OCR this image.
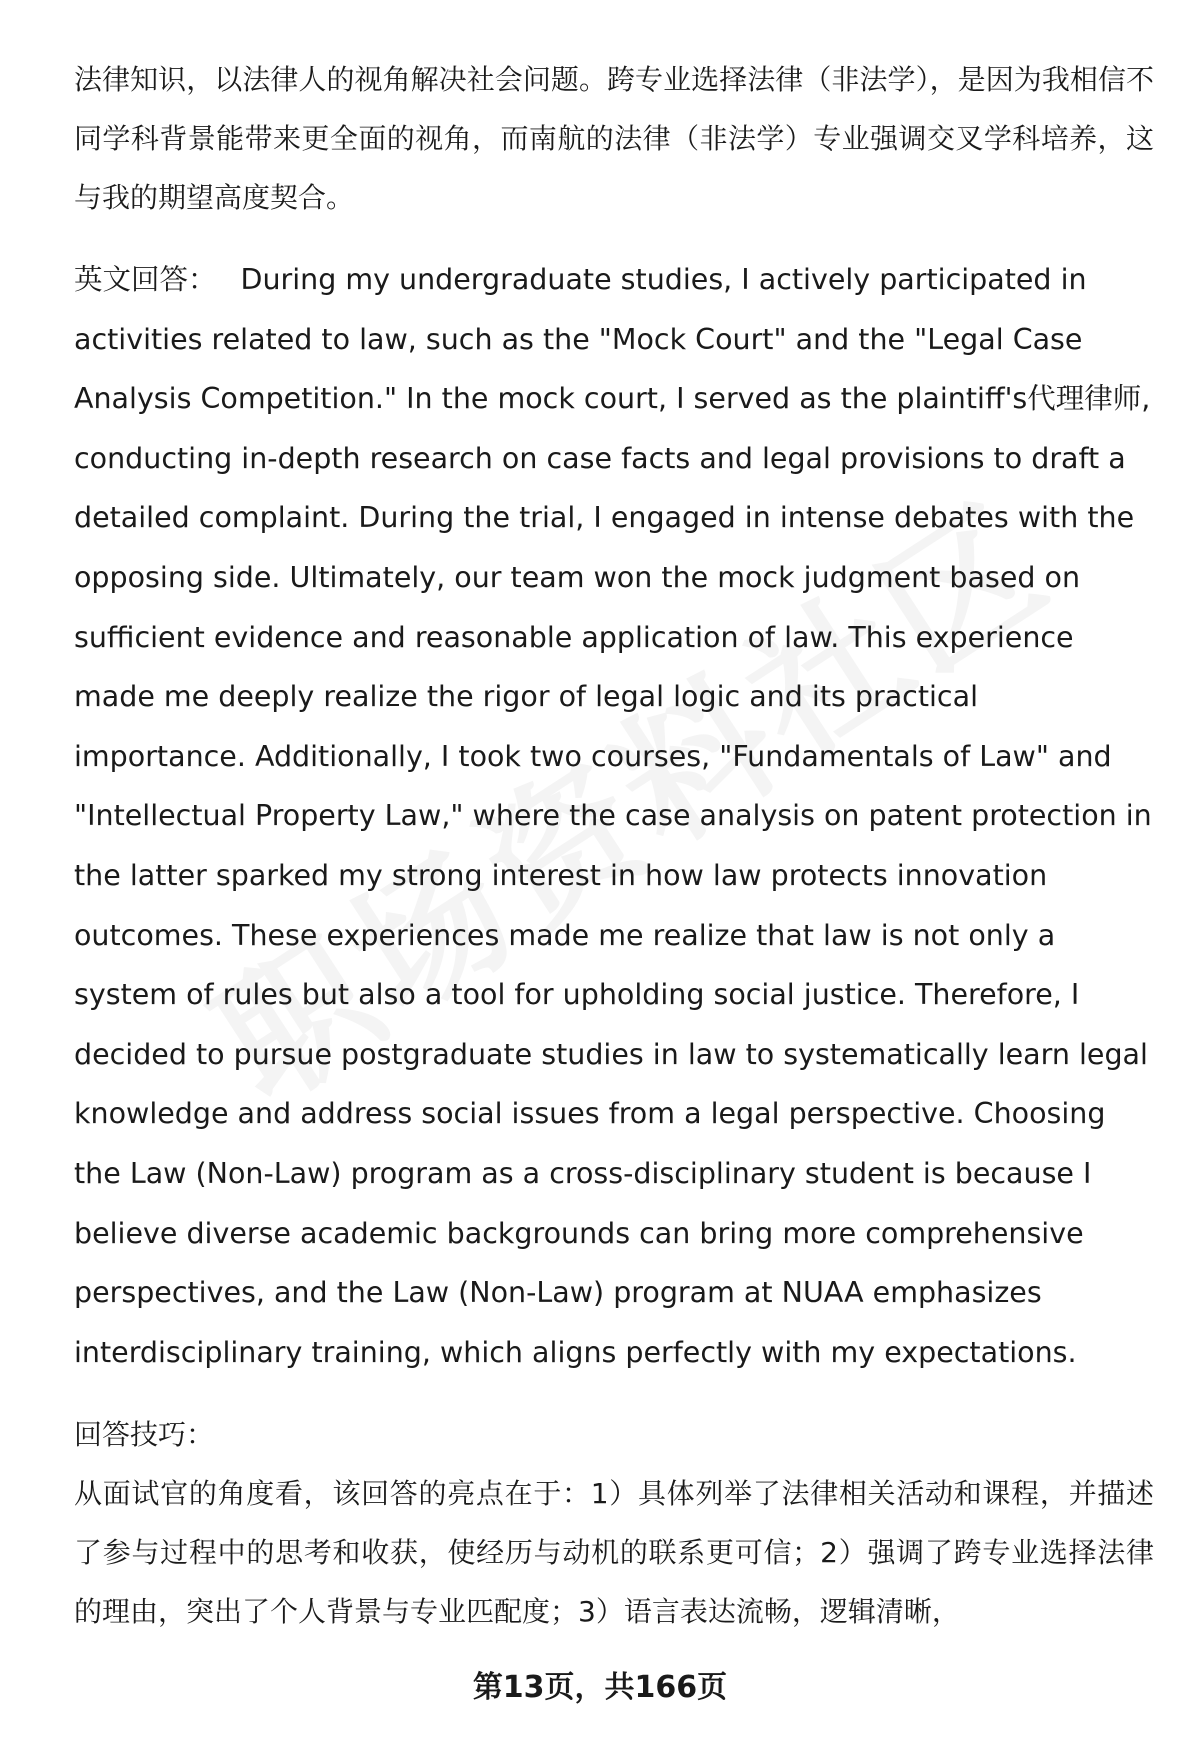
法律知识，以法律人的视角解决社会问题。跨专业选择法律（非法学），是因为我相信不同学科背景能带来更全面的视角，而南航的法律（非法学）专业强调交叉学科培养，这与我的期望高度契合。

英文回答： During my undergraduate studies, I actively participated in activities related to law, such as the "Mock Court" and the "Legal Case Analysis Competition." In the mock court, I served as the plaintiff's代理律师, conducting in-depth research on case facts and legal provisions to draft a detailed complaint. During the trial, I engaged in intense debates with the opposing side. Ultimately, our team won the mock judgment based on sufficient evidence and reasonable application of law. This experience made me deeply realize the rigor of legal logic and its practical importance. Additionally, I took two courses, "Fundamentals of Law" and "Intellectual Property Law," where the case analysis on patent protection in the latter sparked my strong interest in how law protects innovation outcomes. These experiences made me realize that law is not only a system of rules but also a tool for upholding social justice. Therefore, I decided to pursue postgraduate studies in law to systematically learn legal knowledge and address social issues from a legal perspective. Choosing the Law (Non-Law) program as a cross-disciplinary student is because I believe diverse academic backgrounds can bring more comprehensive perspectives, and the Law (Non-Law) program at NUAA emphasizes interdisciplinary training, which aligns perfectly with my expectations.

回答技巧：

从面试官的角度看，该回答的亮点在于：1）具体列举了法律相关活动和课程，并描述了参与过程中的思考和收获，使经历与动机的联系更可信；2）强调了跨专业选择法律的理由，突出了个人背景与专业匹配度；3）语言表达流畅，逻辑清晰，

第13页，共166页
